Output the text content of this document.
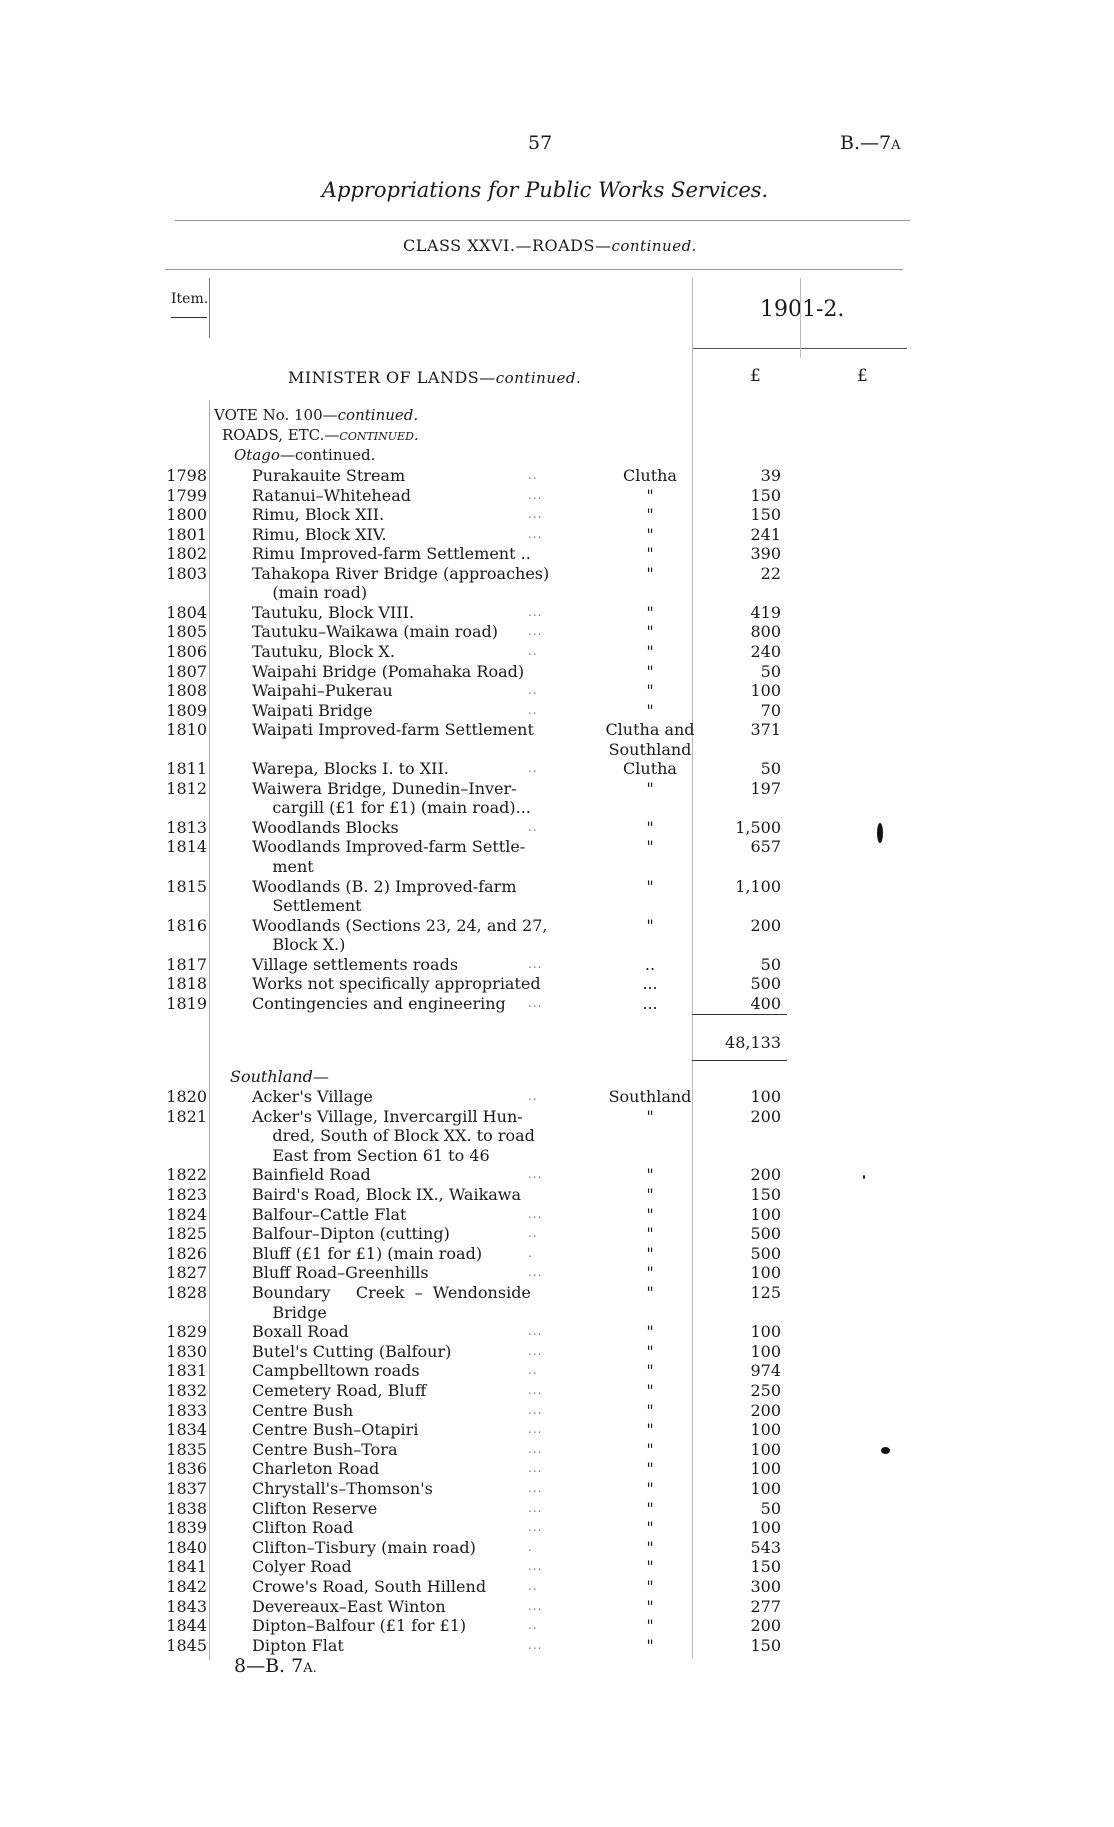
57	B.—7A
Appropriations for Public Works Services.
CLASS XXVI.—ROADS—continued.
Item.	1901-2.
MINISTER OF LANDS—continued.	£	£
VOTE No. 100—continued.
ROADS, ETC.—continued.
Otago—continued.
1798	Purakauite Stream	..	Clutha	39
1799	Ratanui–Whitehead	...	"	150
1800	Rimu, Block XII.	...	"	150
1801	Rimu, Block XIV.	...	"	241
1802	Rimu Improved-farm Settlement ..	"	390
1803	Tahakopa River Bridge (approaches)	"	22
(main road)
1804	Tautuku, Block VIII.	...	"	419
1805	Tautuku–Waikawa (main road) ...	"	800
1806	Tautuku, Block X.	..	"	240
1807	Waipahi Bridge (Pomahaka Road)	"	50
1808	Waipahi–Pukerau	..	"	100
1809	Waipati Bridge	..	"	70
1810	Waipati Improved-farm Settlement	Clutha and	371
Southland
1811	Warepa, Blocks I. to XII.	..	Clutha	50
1812	Waiwera Bridge, Dunedin–Inver-	"	197
cargill (£1 for £1) (main road)...
1813	Woodlands Blocks	..	"	1,500
1814	Woodlands Improved-farm Settle-	"	657
ment
1815	Woodlands (B. 2) Improved-farm	"	1,100
Settlement
1816	Woodlands (Sections 23, 24, and 27,	"	200
Block X.)
1817	Village settlements roads	...	..	50
1818	Works not specifically appropriated	...	500
1819	Contingencies and engineering ...	...	400
48,133
Southland—
1820	Acker's Village	..	Southland	100
1821	Acker's Village, Invercargill Hun-	"	200
dred, South of Block XX. to road
East from Section 61 to 46
1822	Bainfield Road	...	"	200
1823	Baird's Road, Block IX., Waikawa	"	150
1824	Balfour–Cattle Flat	...	"	100
1825	Balfour–Dipton (cutting)	..	"	500
1826	Bluff (£1 for £1) (main road)	.	"	500
1827	Bluff Road–Greenhills	...	"	100
1828	Boundary     Creek  –  Wendonside	"	125
Bridge
1829	Boxall Road	...	"	100
1830	Butel's Cutting (Balfour)	...	"	100
1831	Campbelltown roads	..	"	974
1832	Cemetery Road, Bluff	...	"	250
1833	Centre Bush	...	"	200
1834	Centre Bush–Otapiri	...	"	100
1835	Centre Bush–Tora	...	"	100
1836	Charleton Road	...	"	100
1837	Chrystall's–Thomson's	...	"	100
1838	Clifton Reserve	...	"	50
1839	Clifton Road	...	"	100
1840	Clifton–Tisbury (main road)	.	"	543
1841	Colyer Road	...	"	150
1842	Crowe's Road, South Hillend	..	"	300
1843	Devereaux–East Winton	...	"	277
1844	Dipton–Balfour (£1 for £1)	..	"	200
1845	Dipton Flat	...	"	150
8—B. 7A.
